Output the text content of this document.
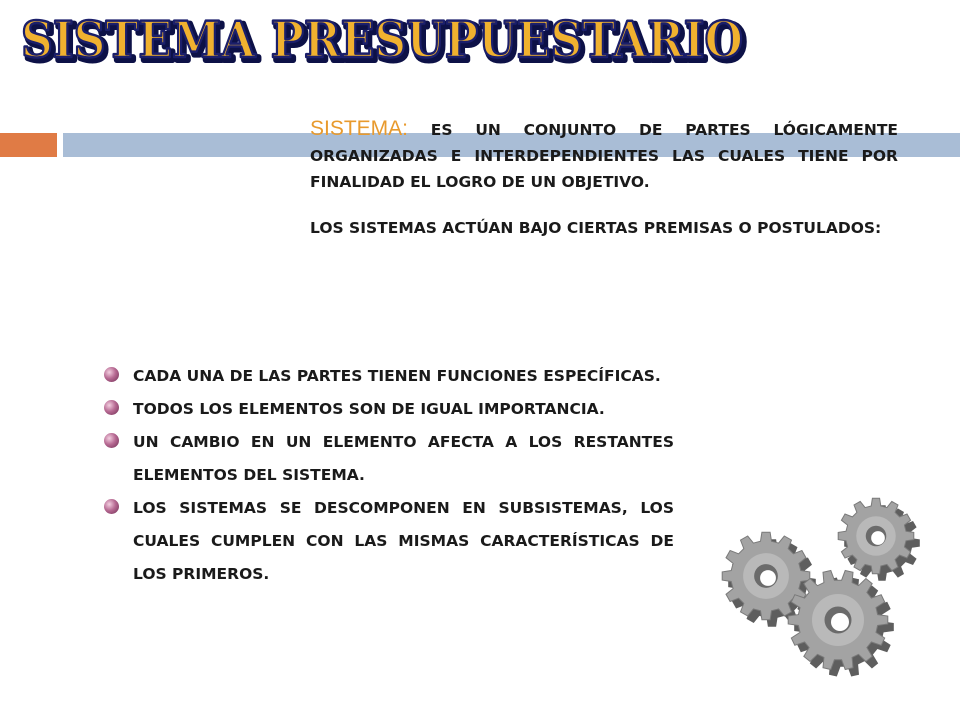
SISTEMA PRESUPUESTARIO
SISTEMA PRESUPUESTARIO

SISTEMA: ES UN CONJUNTO DE PARTES LÓGICAMENTE ORGANIZADAS E INTERDEPENDIENTES LAS CUALES TIENE POR FINALIDAD EL LOGRO DE UN OBJETIVO.

LOS SISTEMAS ACTÚAN BAJO CIERTAS PREMISAS O POSTULADOS:

CADA UNA DE LAS PARTES TIENEN FUNCIONES ESPECÍFICAS.
TODOS LOS ELEMENTOS SON DE IGUAL IMPORTANCIA.
UN CAMBIO EN UN ELEMENTO AFECTA A LOS RESTANTES ELEMENTOS DEL SISTEMA.
LOS SISTEMAS SE DESCOMPONEN EN SUBSISTEMAS, LOS CUALES CUMPLEN CON LAS MISMAS CARACTERÍSTICAS DE LOS PRIMEROS.
